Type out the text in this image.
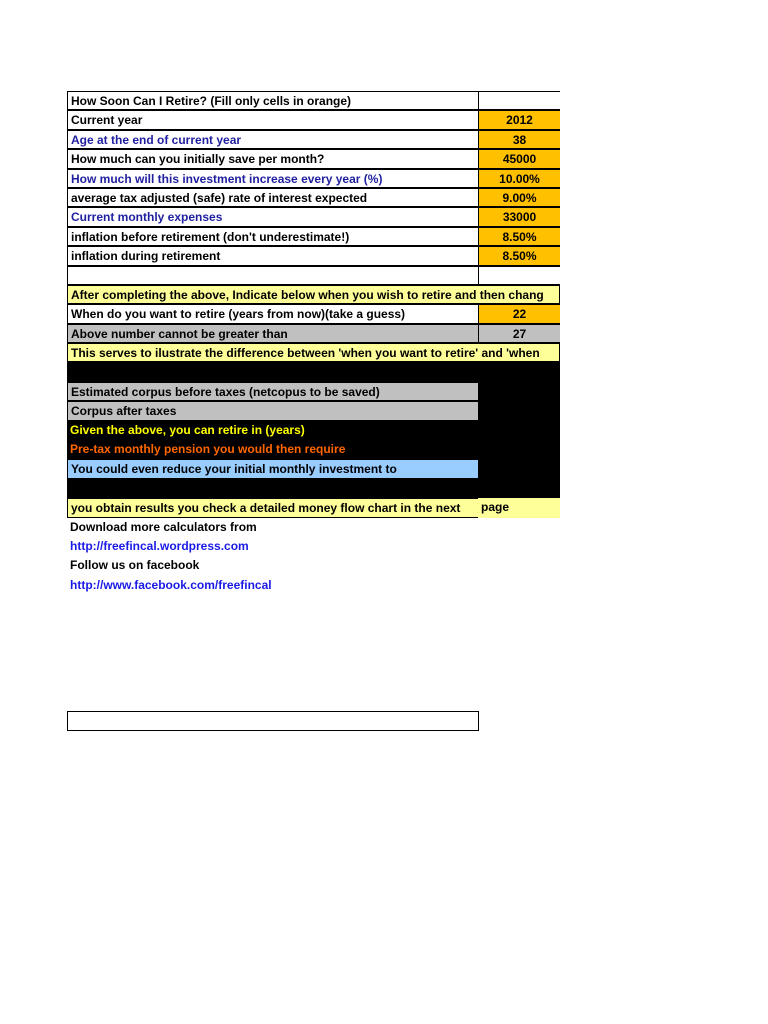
How Soon Can I Retire? (Fill only cells in orange)
Current year	2012
Age at the end of current year	38
How much can you initially save per month?	45000
How much will this investment increase every year (%)	10.00%
average tax adjusted (safe) rate of interest expected	9.00%
Current monthly expenses	33000
inflation before retirement (don't underestimate!)	8.50%
inflation during retirement	8.50%
After completing the above, Indicate below when you wish to retire and then chang
When do you want to retire (years from now)(take a guess)	22
Above number cannot be greater than	27
This serves to ilustrate the difference between 'when you want to retire' and 'when
Estimated corpus before taxes (netcopus to be saved)
Corpus after taxes
Given the above, you can retire in (years)
Pre-tax monthly pension you would then require
You could even reduce your initial monthly investment to
you obtain results you check a detailed money flow chart in the next	page
Download more calculators from
http://freefincal.wordpress.com
Follow us on facebook
http://www.facebook.com/freefincal
